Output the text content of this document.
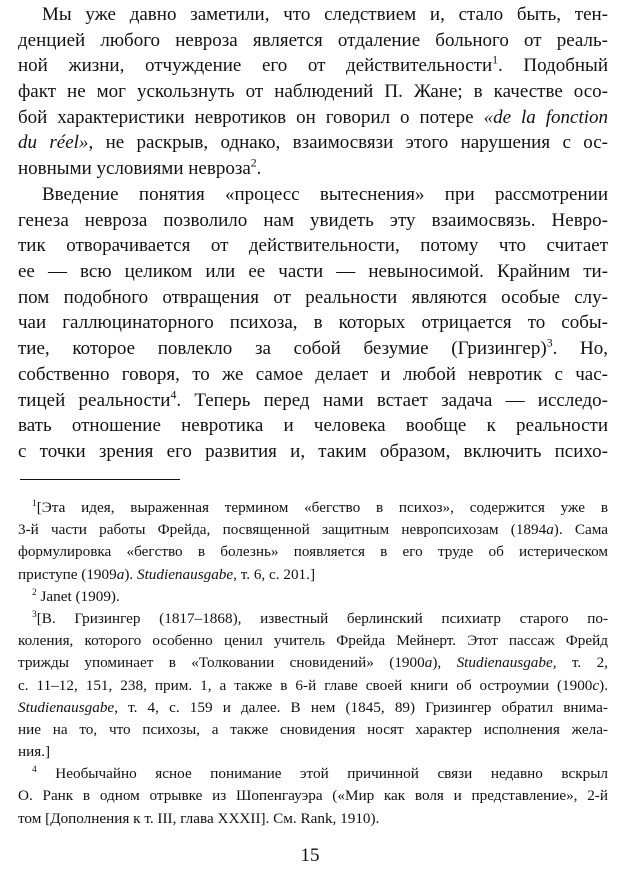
Мы уже давно заметили, что следствием и, стало быть, тен-
денцией любого невроза является отдаление больного от реаль-
ной жизни, отчуждение его от действительности$^1$. Подобный
факт не мог ускользнуть от наблюдений П. Жане; в качестве осо-
бой характеристики невротиков он говорил о потере «de la fonction
du réel», не раскрыв, однако, взаимосвязи этого нарушения с ос-
новными условиями невроза$^2$.
Введение понятия «процесс вытеснения» при рассмотрении
генеза невроза позволило нам увидеть эту взаимосвязь. Невро-
тик отворачивается от действительности, потому что считает
ее — всю целиком или ее части — невыносимой. Крайним ти-
пом подобного отвращения от реальности являются особые слу-
чаи галлюцинаторного психоза, в которых отрицается то собы-
тие, которое повлекло за собой безумие (Гризингер)$^3$. Но,
собственно говоря, то же самое делает и любой невротик с час-
тицей реальности$^4$. Теперь перед нами встает задача — исследо-
вать отношение невротика и человека вообще к реальности
с точки зрения его развития и, таким образом, включить психо-
$^1$[Эта идея, выраженная термином «бегство в психоз», содержится уже в
3-й части работы Фрейда, посвященной защитным невропсихозам (1894a). Сама
формулировка «бегство в болезнь» появляется в его труде об истерическом
приступе (1909a). Studienausgabe, т. 6, с. 201.]
$^2$ Janet (1909).
$^3$[В. Гризингер (1817–1868), известный берлинский психиатр старого по-
коления, которого особенно ценил учитель Фрейда Мейнерт. Этот пассаж Фрейд
трижды упоминает в «Толковании сновидений» (1900a), Studienausgabe, т. 2,
с. 11–12, 151, 238, прим. 1, а также в 6-й главе своей книги об остроумии (1900c).
Studienausgabe, т. 4, с. 159 и далее. В нем (1845, 89) Гризингер обратил внима-
ние на то, что психозы, а также сновидения носят характер исполнения жела-
ния.]
$^4$ Необычайно ясное понимание этой причинной связи недавно вскрыл
О. Ранк в одном отрывке из Шопенгауэра («Мир как воля и представление», 2-й
том [Дополнения к т. III, глава XXXII]. См. Rank, 1910).
15
